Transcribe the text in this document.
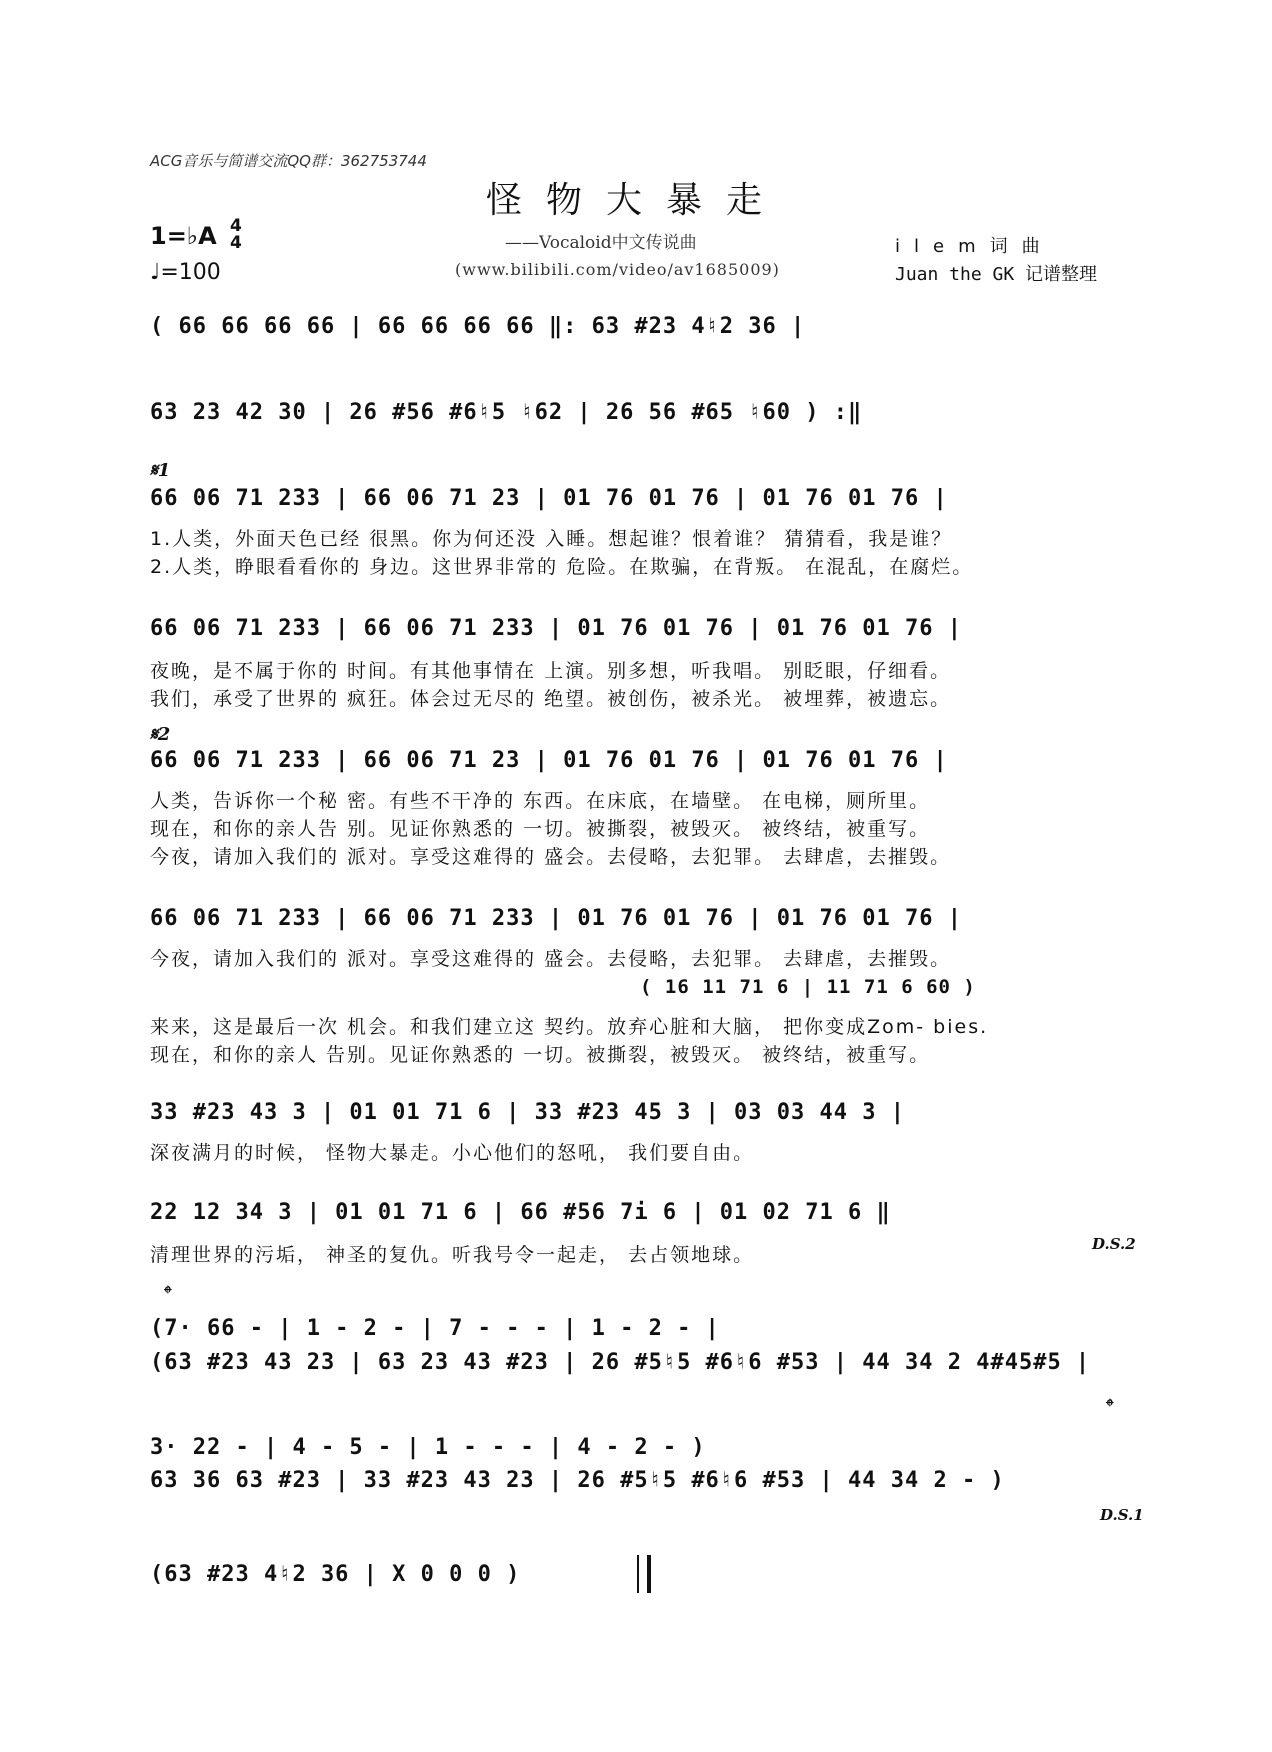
ACG音乐与简谱交流QQ群：362753744
怪物大暴走
——Vocaloid中文传说曲
(www.bilibili.com/video/av1685009)
ilem词曲
Juan the GK 记谱整理
1=♭A 4
4
♩=100
( 66 66 66 66 | 66 66 66 66 ‖: 63 #23 4♮2 36 |
63 23 42 30 | 26 #56 #6♮5 ♮62 | 26 56 #65 ♮60 ) :‖
𝄋1
66 06 71 233 | 66 06 71 23 | 01 76 01 76 | 01 76 01 76 |
1.人类，外面天色已经 很黑。你为何还没 入睡。想起谁？恨着谁？ 猜猜看，我是谁？
2.人类，睁眼看看你的 身边。这世界非常的 危险。在欺骗，在背叛。 在混乱，在腐烂。
66 06 71 233 | 66 06 71 233 | 01 76 01 76 | 01 76 01 76 |
夜晚，是不属于你的 时间。有其他事情在 上演。别多想，听我唱。 别眨眼，仔细看。
我们，承受了世界的 疯狂。体会过无尽的 绝望。被创伤，被杀光。 被埋葬，被遗忘。
𝄋2
66 06 71 233 | 66 06 71 23 | 01 76 01 76 | 01 76 01 76 |
人类，告诉你一个秘 密。有些不干净的 东西。在床底，在墙壁。 在电梯，厕所里。
现在，和你的亲人告 别。见证你熟悉的 一切。被撕裂，被毁灭。 被终结，被重写。
今夜，请加入我们的 派对。享受这难得的 盛会。去侵略，去犯罪。 去肆虐，去摧毁。
66 06 71 233 | 66 06 71 233 | 01 76 01 76 | 01 76 01 76 |
今夜，请加入我们的 派对。享受这难得的 盛会。去侵略，去犯罪。 去肆虐，去摧毁。
( 16 11 71 6 | 11 71 6 60 )
来来，这是最后一次 机会。和我们建立这 契约。放弃心脏和大脑， 把你变成Zom- bies.
现在，和你的亲人 告别。见证你熟悉的 一切。被撕裂，被毁灭。 被终结，被重写。
33 #23 43 3 | 01 01 71 6 | 33 #23 45 3 | 03 03 44 3 |
深夜满月的时候， 怪物大暴走。小心他们的怒吼， 我们要自由。
22 12 34 3 | 01 01 71 6 | 66 #56 7i 6 | 01 02 71 6 ‖
清理世界的污垢， 神圣的复仇。听我号令一起走， 去占领地球。	D.S.2
𝄌
(7· 66 - | 1 - 2 - | 7 - - - | 1 - 2 - |
(63 #23 43 23 | 63 23 43 #23 | 26 #5♮5 #6♮6 #53 | 44 34 2 4#45#5 |
𝄌
3· 22 - | 4 - 5 - | 1 - - - | 4 - 2 - )
63 36 63 #23 | 33 #23 43 23 | 26 #5♮5 #6♮6 #53 | 44 34 2 - )
D.S.1
(63 #23 4♮2 36 | X 0 0 0 )
